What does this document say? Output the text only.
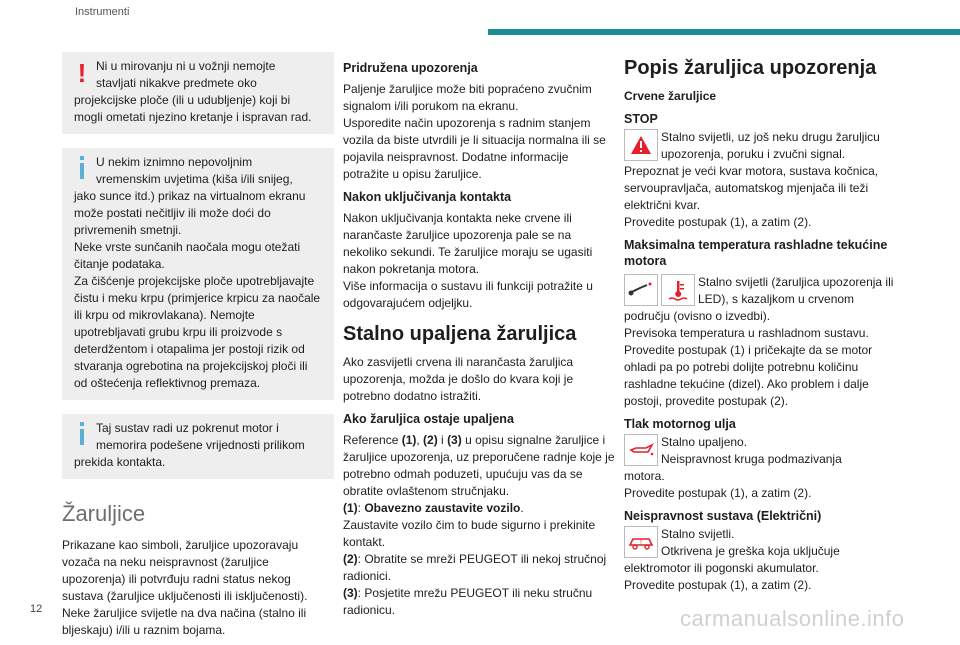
Instrumenti
! Ni u mirovanju ni u vožnji nemojte
stavljati nikakve predmete oko
projekcijske ploče (ili u udubljenje) koji bi mogli ometati njezino kretanje i ispravan rad.
U nekim iznimno nepovoljnim
vremenskim uvjetima (kiša i/ili snijeg,
jako sunce itd.) prikaz na virtualnom ekranu može postati nečitljiv ili može doći do privremenih smetnji.
Neke vrste sunčanih naočala mogu otežati čitanje podataka.
Za čišćenje projekcijske ploče upotrebljavajte čistu i meku krpu (primjerice krpicu za naočale ili krpu od mikrovlakana). Nemojte upotrebljavati grubu krpu ili proizvode s deterdžentom i otapalima jer postoji rizik od stvaranja ogrebotina na projekcijskoj ploči ili od oštećenja reflektivnog premaza.
Taj sustav radi uz pokrenut motor i
memorira podešene vrijednosti prilikom
prekida kontakta.
Žaruljice

Prikazane kao simboli, žaruljice upozoravaju vozača na neku neispravnost (žaruljice upozorenja) ili potvrđuju radni status nekog sustava (žaruljice uključenosti ili isključenosti). Neke žaruljice svijetle na dva načina (stalno ili bljeskaju) i/ili u raznim bojama.

Pridružena upozorenja

Paljenje žaruljice može biti popraćeno zvučnim signalom i/ili porukom na ekranu.

Usporedite način upozorenja s radnim stanjem vozila da biste utvrdili je li situacija normalna ili se pojavila neispravnost. Dodatne informacije potražite u opisu žaruljice.

Nakon uključivanja kontakta

Nakon uključivanja kontakta neke crvene ili narančaste žaruljice upozorenja pale se na nekoliko sekundi. Te žaruljice moraju se ugasiti nakon pokretanja motora.

Više informacija o sustavu ili funkciji potražite u odgovarajućem odjeljku.

Stalno upaljena žaruljica

Ako zasvijetli crvena ili narančasta žaruljica upozorenja, možda je došlo do kvara koji je potrebno dodatno istražiti.

Ako žaruljica ostaje upaljena

Reference (1), (2) i (3) u opisu signalne žaruljice i žaruljice upozorenja, uz preporučene radnje koje je potrebno odmah poduzeti, upućuju vas da se obratite ovlaštenom stručnjaku.

(1): Obavezno zaustavite vozilo.

Zaustavite vozilo čim to bude sigurno i prekinite kontakt.

(2): Obratite se mreži PEUGEOT ili nekoj stručnoj radionici.

(3): Posjetite mrežu PEUGEOT ili neku stručnu radionicu.

Popis žaruljica upozorenja
Crvene žaruljice
STOP
Stalno svijetli, uz još neku drugu žaruljicu upozorenja, poruku i zvučni signal.

Prepoznat je veći kvar motora, sustava kočnica, servoupravljača, automatskog mjenjača ili teži električni kvar.

Provedite postupak (1), a zatim (2).

Maksimalna temperatura rashladne tekućine motora
Stalno svijetli (žaruljica upozorenja ili LED), s kazaljkom u crvenom

području (ovisno o izvedbi).

Previsoka temperatura u rashladnom sustavu.

Provedite postupak (1) i pričekajte da se motor ohladi pa po potrebi dolijte potrebnu količinu rashladne tekućine (dizel). Ako problem i dalje postoji, provedite postupak (2).

Tlak motornog ulja
Stalno upaljeno.
Neispravnost kruga podmazivanja

motora.

Provedite postupak (1), a zatim (2).

Neispravnost sustava (Električni)
!
Stalno svijetli.
Otkrivena je greška koja uključuje

elektromotor ili pogonski akumulator.

Provedite postupak (1), a zatim (2).

12	carmanualsonline.info
